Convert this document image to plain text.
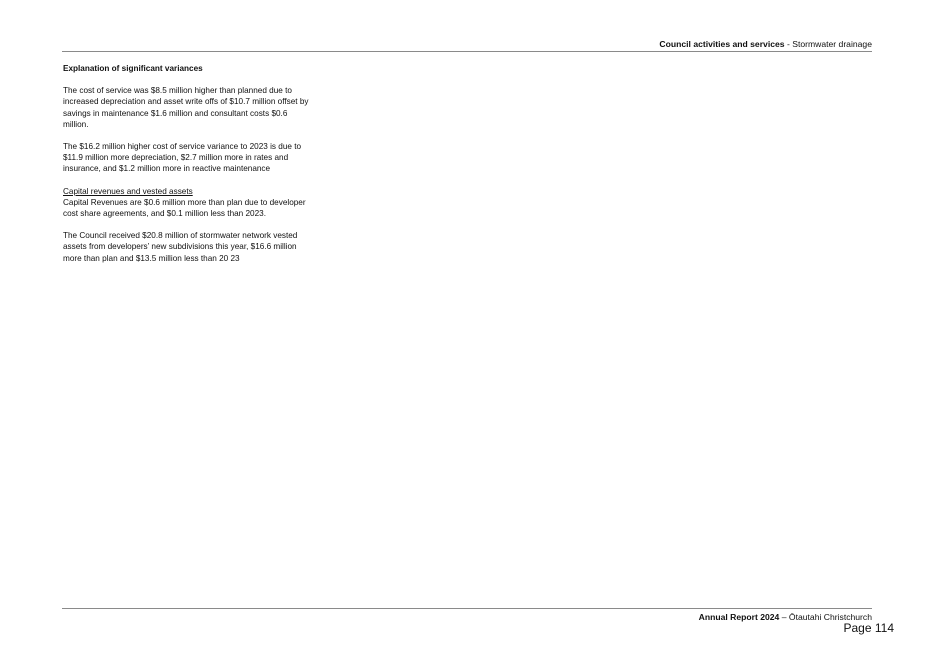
Council activities and services - Stormwater drainage
Explanation of significant variances

The cost of service was $8.5 million higher than planned due to increased depreciation and asset write offs of $10.7 million offset by savings in maintenance $1.6 million and consultant costs $0.6 million.

The $16.2 million higher cost of service variance to 2023 is due to $11.9 million more depreciation, $2.7 million more in rates and insurance, and $1.2 million more in reactive maintenance

Capital revenues and vested assets
Capital Revenues are $0.6 million more than plan due to developer cost share agreements, and $0.1 million less than 2023.

The Council received $20.8 million of stormwater network vested assets from developers’ new subdivisions this year, $16.6 million more than plan and $13.5 million less than 20 23

Annual Report 2024 – Ōtautahi Christchurch
Page 114
